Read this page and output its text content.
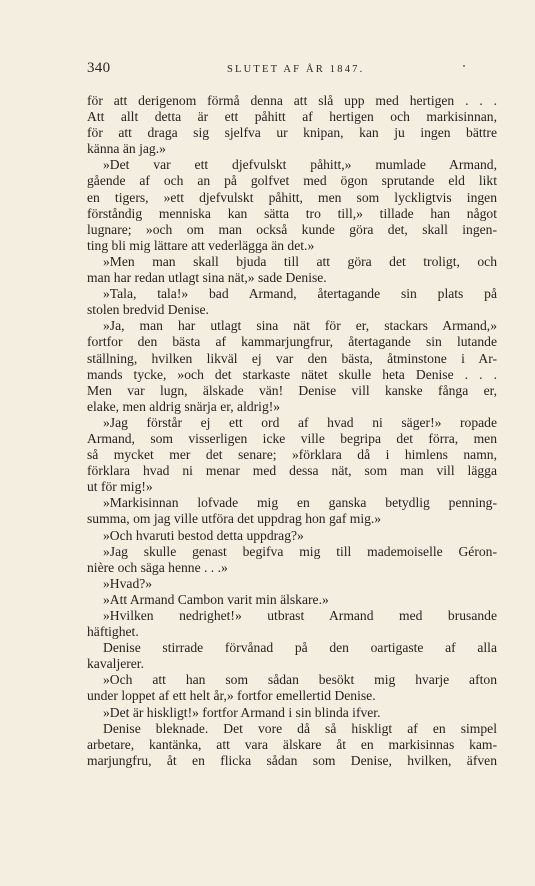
340	SLUTET AF ÅR 1847.
för att derigenom förmå denna att slå upp med hertigen . . .
Att allt detta är ett påhitt af hertigen och markisinnan,
för att draga sig sjelfva ur knipan, kan ju ingen bättre
känna än jag.»
»Det var ett djefvulskt påhitt,» mumlade Armand,
gående af och an på golfvet med ögon sprutande eld likt
en tigers, »ett djefvulskt påhitt, men som lyckligtvis ingen
förståndig menniska kan sätta tro till,» tillade han något
lugnare; »och om man också kunde göra det, skall ingen-
ting bli mig lättare att vederlägga än det.»
»Men man skall bjuda till att göra det troligt, och
man har redan utlagt sina nät,» sade Denise.
»Tala, tala!» bad Armand, återtagande sin plats på
stolen bredvid Denise.
»Ja, man har utlagt sina nät för er, stackars Armand,»
fortfor den bästa af kammarjungfrur, återtagande sin lutande
ställning, hvilken likväl ej var den bästa, åtminstone i Ar-
mands tycke, »och det starkaste nätet skulle heta Denise . . .
Men var lugn, älskade vän! Denise vill kanske fånga er,
elake, men aldrig snärja er, aldrig!»
»Jag förstår ej ett ord af hvad ni säger!» ropade
Armand, som visserligen icke ville begripa det förra, men
så mycket mer det senare; »förklara då i himlens namn,
förklara hvad ni menar med dessa nät, som man vill lägga
ut för mig!»
»Markisinnan lofvade mig en ganska betydlig penning-
summa, om jag ville utföra det uppdrag hon gaf mig.»
»Och hvaruti bestod detta uppdrag?»
»Jag skulle genast begifva mig till mademoiselle Géron-
nière och säga henne . . .»
»Hvad?»
»Att Armand Cambon varit min älskare.»
»Hvilken nedrighet!» utbrast Armand med brusande
häftighet.
Denise stirrade förvånad på den oartigaste af alla
kavaljerer.
»Och att han som sådan besökt mig hvarje afton
under loppet af ett helt år,» fortfor emellertid Denise.
»Det är hiskligt!» fortfor Armand i sin blinda ifver.
Denise bleknade. Det vore då så hiskligt af en simpel
arbetare, kantänka, att vara älskare åt en markisinnas kam-
marjungfru, åt en flicka sådan som Denise, hvilken, äfven
